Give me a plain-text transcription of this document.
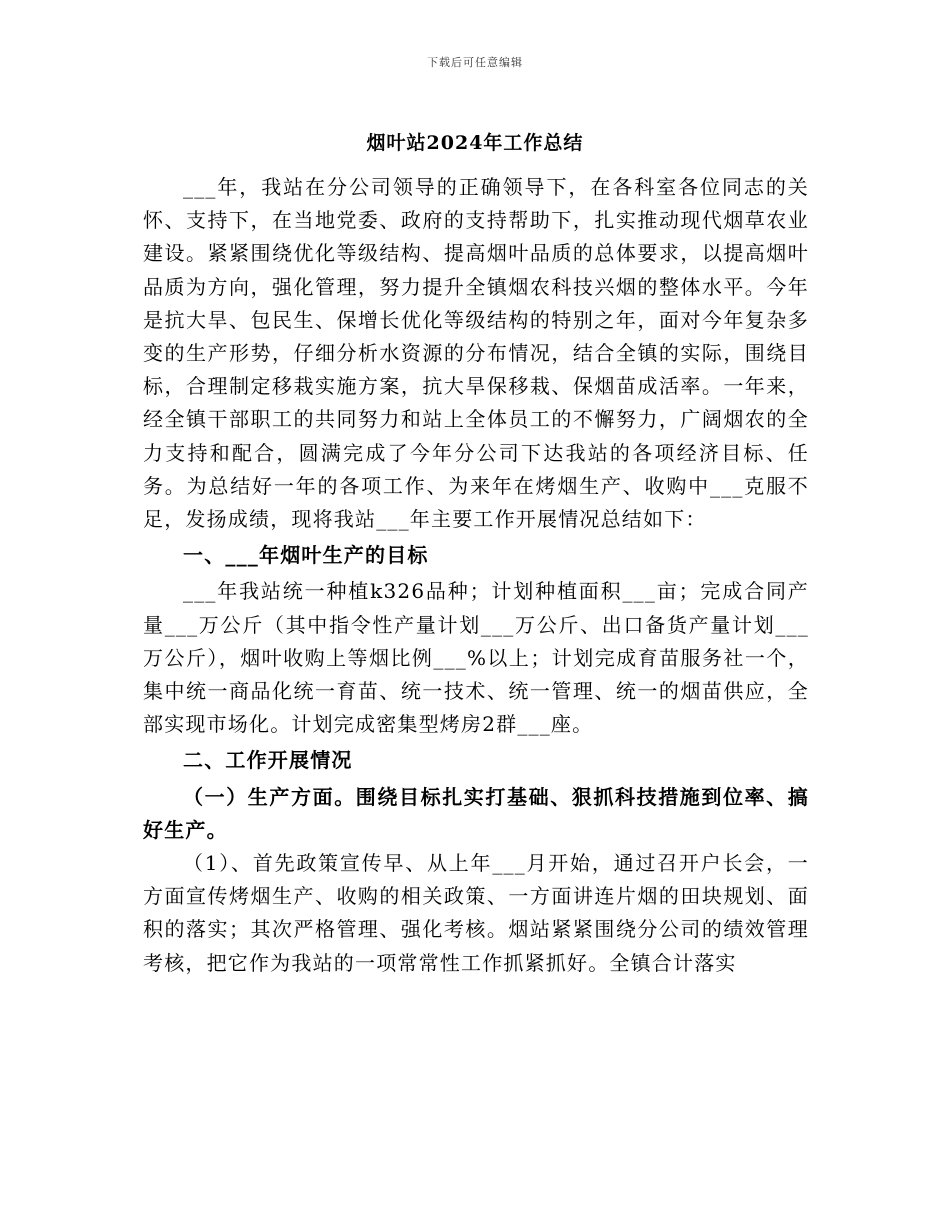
下载后可任意编辑
烟叶站2024年工作总结

___年，我站在分公司领导的正确领导下，在各科室各位同志的关怀、支持下，在当地党委、政府的支持帮助下，扎实推动现代烟草农业建设。紧紧围绕优化等级结构、提高烟叶品质的总体要求，以提高烟叶品质为方向，强化管理，努力提升全镇烟农科技兴烟的整体水平。今年是抗大旱、包民生、保增长优化等级结构的特别之年，面对今年复杂多变的生产形势，仔细分析水资源的分布情况，结合全镇的实际，围绕目标，合理制定移栽实施方案，抗大旱保移栽、保烟苗成活率。一年来，经全镇干部职工的共同努力和站上全体员工的不懈努力，广阔烟农的全力支持和配合，圆满完成了今年分公司下达我站的各项经济目标、任务。为总结好一年的各项工作、为来年在烤烟生产、收购中___克服不足，发扬成绩，现将我站___年主要工作开展情况总结如下：

一、___年烟叶生产的目标

___年我站统一种植k326品种；计划种植面积___亩；完成合同产量___万公斤（其中指令性产量计划___万公斤、出口备货产量计划___万公斤），烟叶收购上等烟比例___%以上；计划完成育苗服务社一个，集中统一商品化统一育苗、统一技术、统一管理、统一的烟苗供应，全部实现市场化。计划完成密集型烤房2群___座。

二、工作开展情况

（一）生产方面。围绕目标扎实打基础、狠抓科技措施到位率、搞好生产。

（1）、首先政策宣传早、从上年___月开始，通过召开户长会，一方面宣传烤烟生产、收购的相关政策、一方面讲连片烟的田块规划、面积的落实；其次严格管理、强化考核。烟站紧紧围绕分公司的绩效管理考核，把它作为我站的一项常常性工作抓紧抓好。全镇合计落实
